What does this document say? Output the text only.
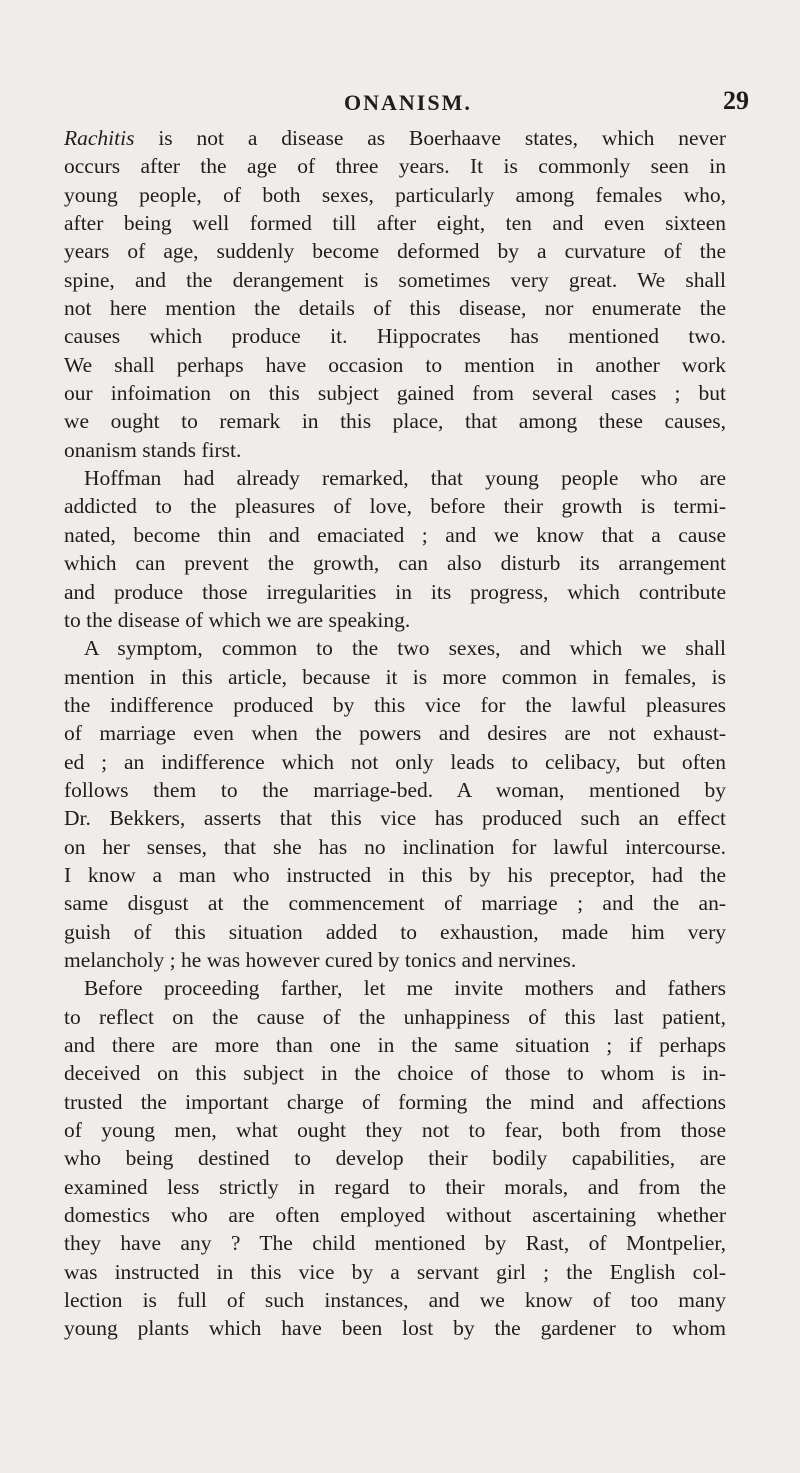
ONANISM.	29
Rachitis is not a disease as Boerhaave states, which never
occurs after the age of three years. It is commonly seen in
young people, of both sexes, particularly among females who,
after being well formed till after eight, ten and even sixteen
years of age, suddenly become deformed by a curvature of the
spine, and the derangement is sometimes very great. We shall
not here mention the details of this disease, nor enumerate the
causes which produce it. Hippocrates has mentioned two.
We shall perhaps have occasion to mention in another work
our infoimation on this subject gained from several cases ; but
we ought to remark in this place, that among these causes,
onanism stands first.
Hoffman had already remarked, that young people who are
addicted to the pleasures of love, before their growth is termi-
nated, become thin and emaciated ; and we know that a cause
which can prevent the growth, can also disturb its arrangement
and produce those irregularities in its progress, which contribute
to the disease of which we are speaking.
A symptom, common to the two sexes, and which we shall
mention in this article, because it is more common in females, is
the indifference produced by this vice for the lawful pleasures
of marriage even when the powers and desires are not exhaust-
ed ; an indifference which not only leads to celibacy, but often
follows them to the marriage-bed. A woman, mentioned by
Dr. Bekkers, asserts that this vice has produced such an effect
on her senses, that she has no inclination for lawful intercourse.
I know a man who instructed in this by his preceptor, had the
same disgust at the commencement of marriage ; and the an-
guish of this situation added to exhaustion, made him very
melancholy ; he was however cured by tonics and nervines.
Before proceeding farther, let me invite mothers and fathers
to reflect on the cause of the unhappiness of this last patient,
and there are more than one in the same situation ; if perhaps
deceived on this subject in the choice of those to whom is in-
trusted the important charge of forming the mind and affections
of young men, what ought they not to fear, both from those
who being destined to develop their bodily capabilities, are
examined less strictly in regard to their morals, and from the
domestics who are often employed without ascertaining whether
they have any ? The child mentioned by Rast, of Montpelier,
was instructed in this vice by a servant girl ; the English col-
lection is full of such instances, and we know of too many
young plants which have been lost by the gardener to whom
